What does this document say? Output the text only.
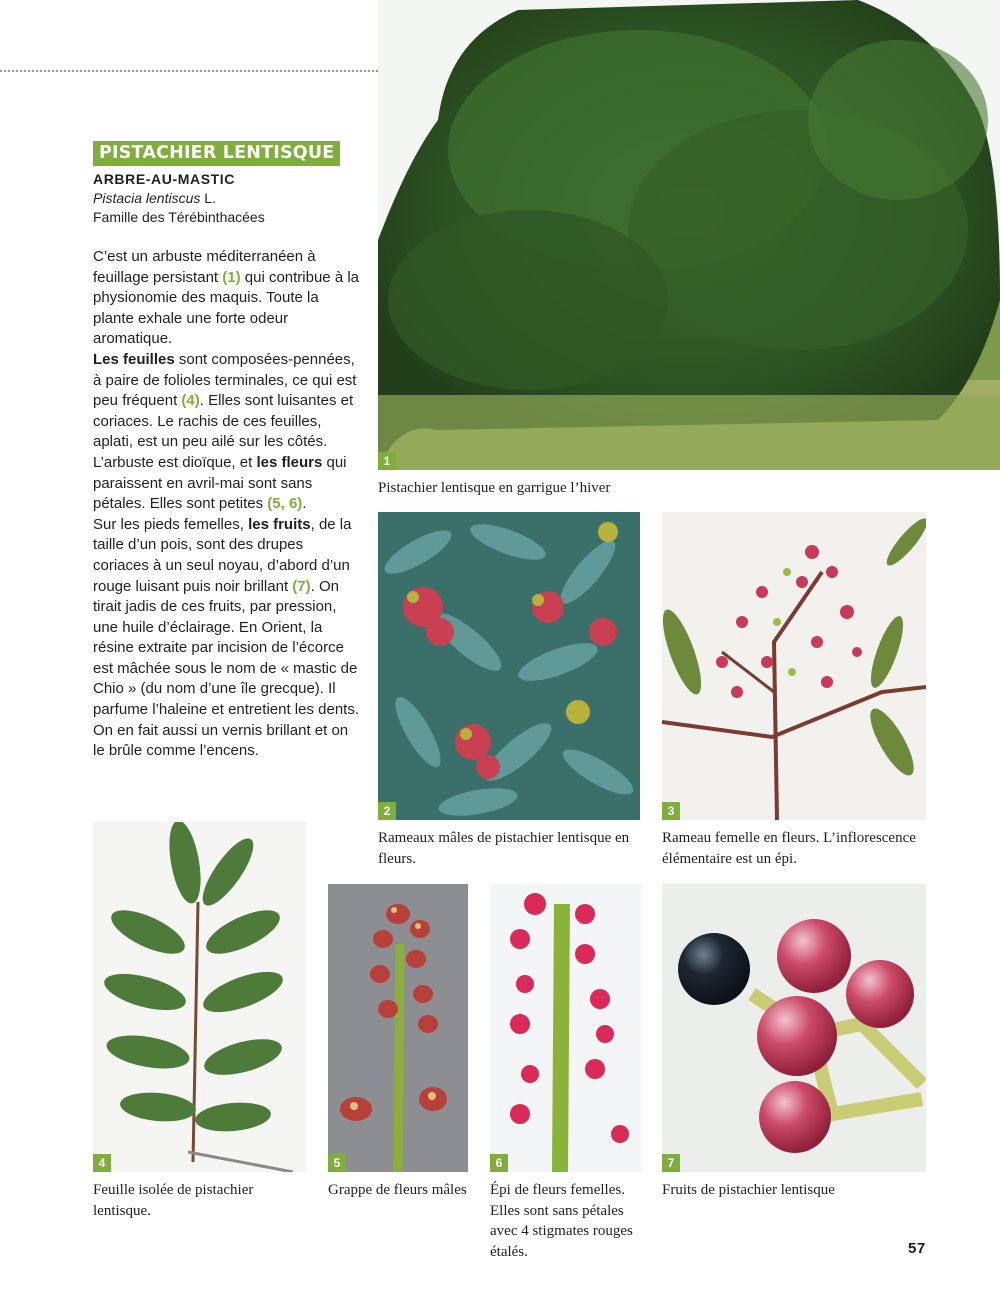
PISTACHIER LENTISQUE
ARBRE-AU-MASTIC
Pistacia lentiscus L.
Famille des Térébinthacées

C’est un arbuste méditerranéen à feuillage persistant (1) qui contribue à la physionomie des maquis. Toute la plante exhale une forte odeur aromatique.

Les feuilles sont composées-pennées, à paire de folioles terminales, ce qui est peu fréquent (4). Elles sont luisantes et coriaces. Le rachis de ces feuilles, aplati, est un peu ailé sur les côtés.

L’arbuste est dioïque, et les fleurs qui paraissent en avril-mai sont sans pétales. Elles sont petites (5, 6).

Sur les pieds femelles, les fruits, de la taille d’un pois, sont des drupes coriaces à un seul noyau, d’abord d’un rouge luisant puis noir brillant (7). On tirait jadis de ces fruits, par pression, une huile d’éclairage. En Orient, la résine extraite par incision de l’écorce est mâchée sous le nom de « mastic de Chio » (du nom d’une île grecque). Il parfume l’haleine et entretient les dents. On en fait aussi un vernis brillant et on le brûle comme l’encens.

1
Pistachier lentisque en garrigue l’hiver
2
Rameaux mâles de pistachier lentisque en fleurs.
3
Rameau femelle en fleurs. L’inflorescence élémentaire est un épi.
4
Feuille isolée de pistachier lentisque.
5
Grappe de fleurs mâles
6
Épi de fleurs femelles. Elles sont sans pétales avec 4 stigmates rouges étalés.
7
Fruits de pistachier lentisque
57
